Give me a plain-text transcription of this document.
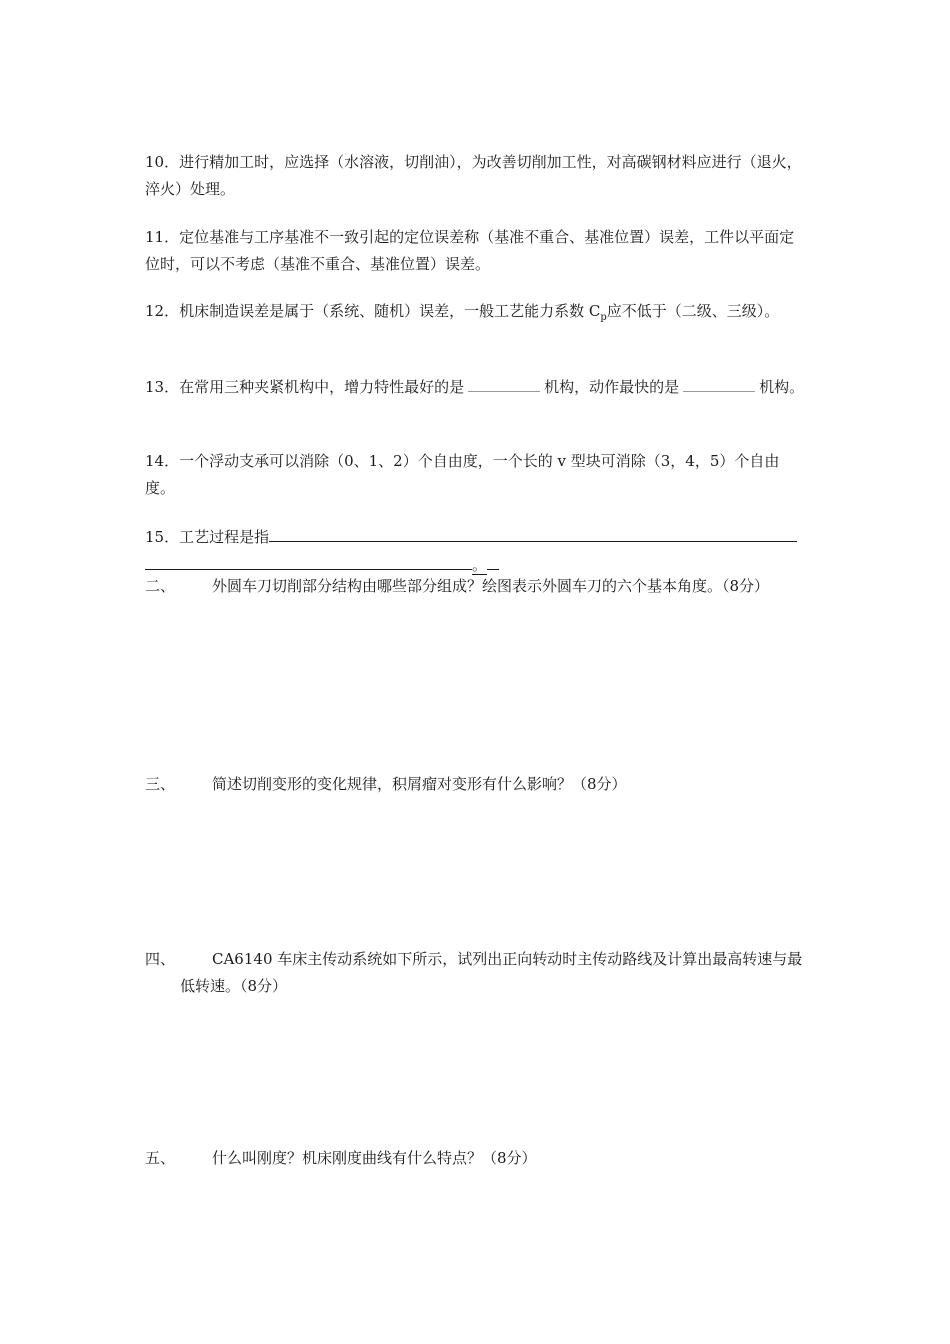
10．进行精加工时，应选择（水溶液，切削油），为改善切削加工性，对高碳钢材料应进行（退火，淬火）处理。
11．定位基准与工序基准不一致引起的定位误差称（基准不重合、基准位置）误差，工件以平面定位时，可以不考虑（基准不重合、基准位置）误差。
12．机床制造误差是属于（系统、随机）误差，一般工艺能力系数 $C_p$应不低于（二级、三级）。
13．在常用三种夹紧机构中，增力特性最好的是	机构，动作最快的是	机构。
14．一个浮动支承可以消除（0、1、2）个自由度，一个长的 v 型块可消除（3，4，5）个自由度。
15．工艺过程是指
。
二、	外圆车刀切削部分结构由哪些部分组成？绘图表示外圆车刀的六个基本角度。（8分）
三、	简述切削变形的变化规律，积屑瘤对变形有什么影响？（8分）
四、	CA6140 车床主传动系统如下所示，试列出正向转动时主传动路线及计算出最高转速与最低转速。（8分）
五、	什么叫刚度？机床刚度曲线有什么特点？（8分）
